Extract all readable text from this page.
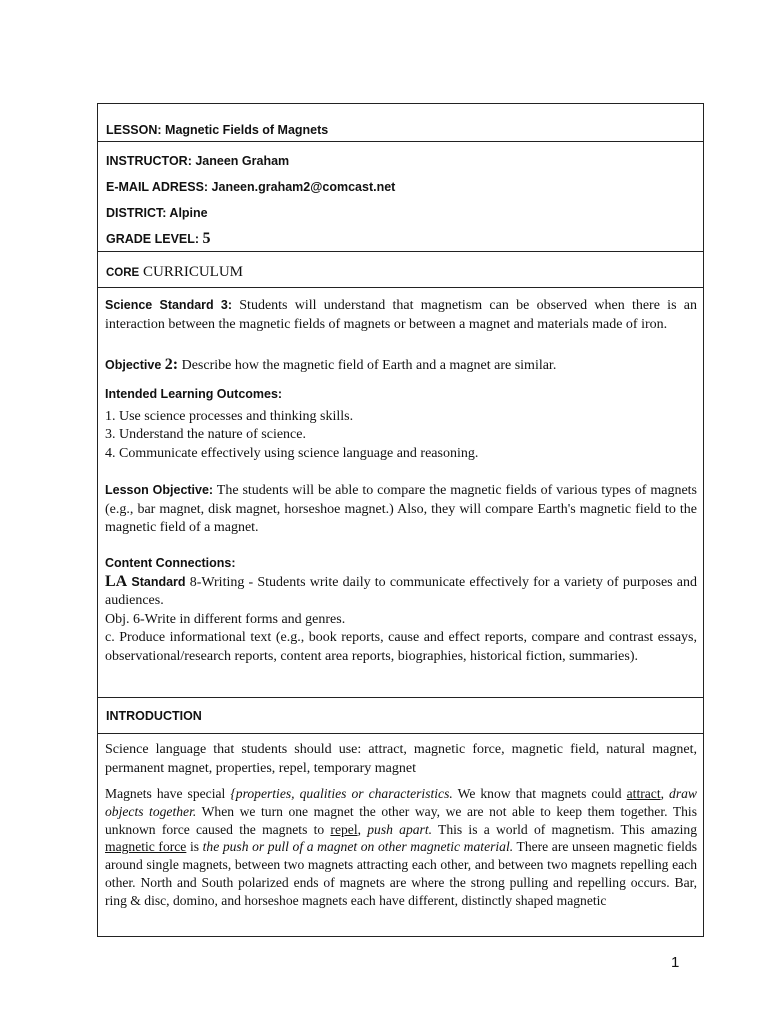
LESSON: Magnetic Fields of Magnets
INSTRUCTOR: Janeen Graham
E-MAIL ADRESS: Janeen.graham2@comcast.net
DISTRICT: Alpine
GRADE LEVEL: 5
CORE CURRICULUM

Science Standard 3: Students will understand that magnetism can be observed when there is an interaction between the magnetic fields of magnets or between a magnet and materials made of iron.

Objective 2: Describe how the magnetic field of Earth and a magnet are similar.

Intended Learning Outcomes:

1. Use science processes and thinking skills.

3. Understand the nature of science.

4. Communicate effectively using science language and reasoning.

Lesson Objective: The students will be able to compare the magnetic fields of various types of magnets (e.g., bar magnet, disk magnet, horseshoe magnet.) Also, they will compare Earth's magnetic field to the magnetic field of a magnet.

Content Connections:

LA Standard 8-Writing - Students write daily to communicate effectively for a variety of purposes and audiences.

Obj. 6-Write in different forms and genres.

c. Produce informational text (e.g., book reports, cause and effect reports, compare and contrast essays, observational/research reports, content area reports, biographies, historical fiction, summaries).

INTRODUCTION

Science language that students should use: attract, magnetic force, magnetic field, natural magnet, permanent magnet, properties, repel, temporary magnet

Magnets have special {properties, qualities or characteristics. We know that magnets could attract, draw objects together. When we turn one magnet the other way, we are not able to keep them together. This unknown force caused the magnets to repel, push apart. This is a world of magnetism. This amazing magnetic force is the push or pull of a magnet on other magnetic material. There are unseen magnetic fields around single magnets, between two magnets attracting each other, and between two magnets repelling each other. North and South polarized ends of magnets are where the strong pulling and repelling occurs. Bar, ring & disc, domino, and horseshoe magnets each have different, distinctly shaped magnetic

1
